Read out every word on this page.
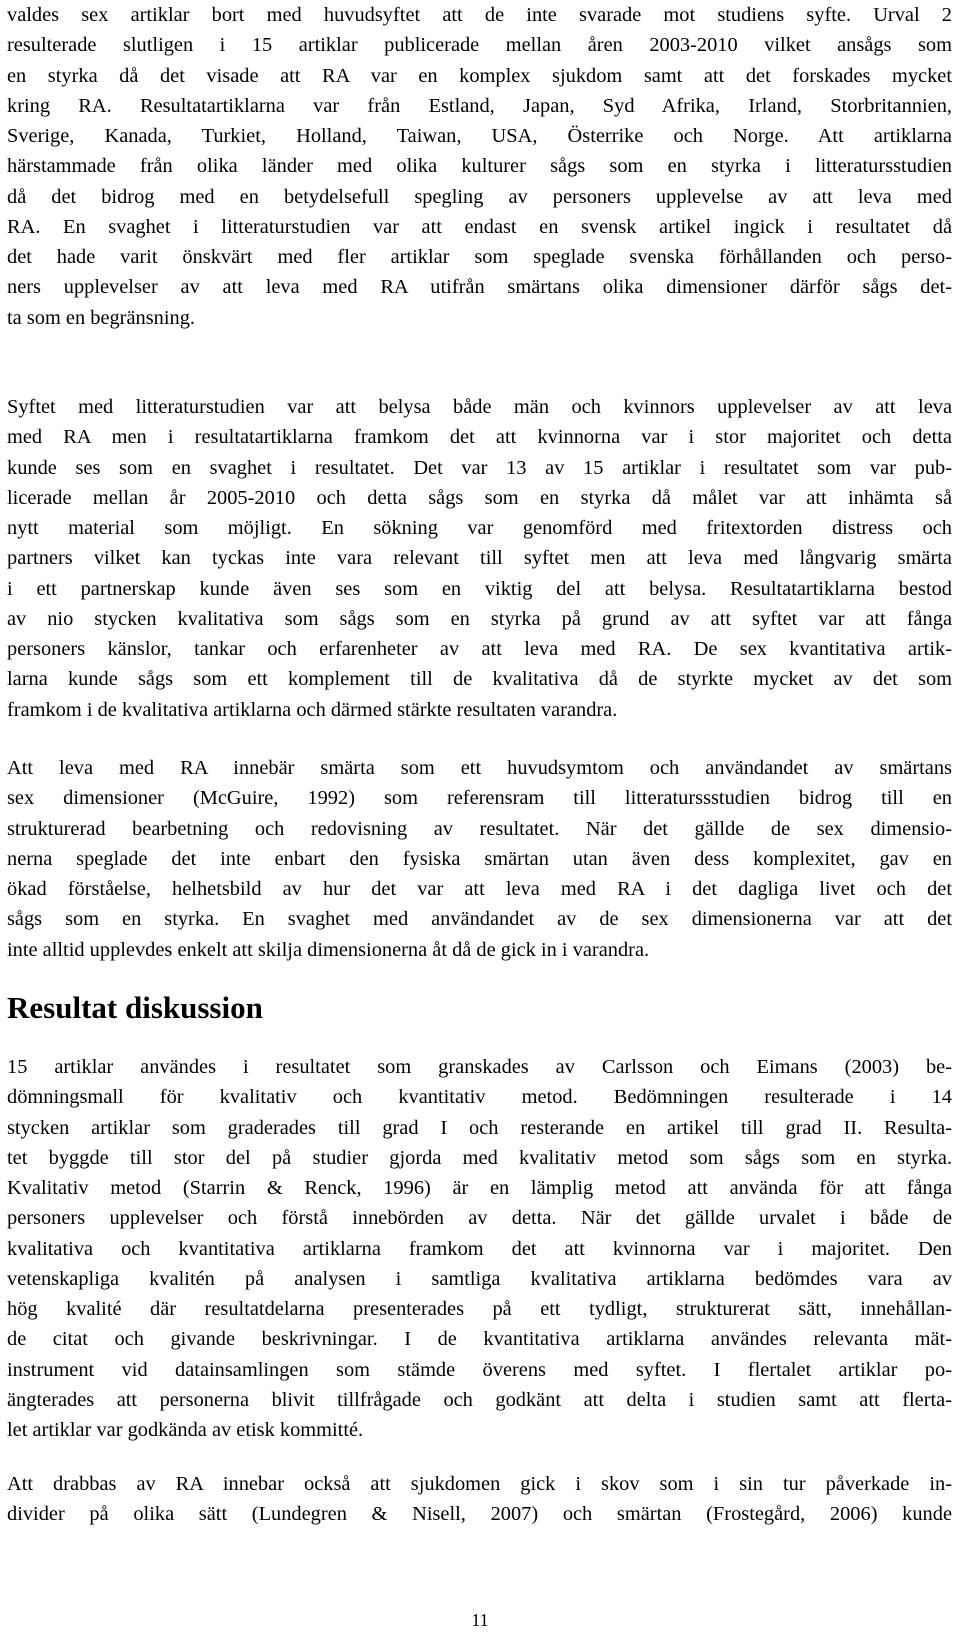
valdes sex artiklar bort med huvudsyftet att de inte svarade mot studiens syfte. Urval 2
resulterade slutligen i 15 artiklar publicerade mellan åren 2003-2010 vilket ansågs som
en styrka då det visade att RA var en komplex sjukdom samt att det forskades mycket
kring RA. Resultatartiklarna var från Estland, Japan, Syd Afrika, Irland, Storbritannien,
Sverige, Kanada, Turkiet, Holland, Taiwan, USA, Österrike och Norge. Att artiklarna
härstammade från olika länder med olika kulturer sågs som en styrka i litteratursstudien
då det bidrog med en betydelsefull spegling av personers upplevelse av att leva med
RA. En svaghet i litteraturstudien var att endast en svensk artikel ingick i resultatet då
det hade varit önskvärt med fler artiklar som speglade svenska förhållanden och perso-
ners upplevelser av att leva med RA utifrån smärtans olika dimensioner därför sågs det-
ta som en begränsning.
Syftet med litteraturstudien var att belysa både män och kvinnors upplevelser av att leva
med RA men i resultatartiklarna framkom det att kvinnorna var i stor majoritet och detta
kunde ses som en svaghet i resultatet. Det var 13 av 15 artiklar i resultatet som var pub-
licerade mellan år 2005-2010 och detta sågs som en styrka då målet var att inhämta så
nytt material som möjligt. En sökning var genomförd med fritextorden distress och
partners vilket kan tyckas inte vara relevant till syftet men att leva med långvarig smärta
i ett partnerskap kunde även ses som en viktig del att belysa. Resultatartiklarna bestod
av nio stycken kvalitativa som sågs som en styrka på grund av att syftet var att fånga
personers känslor, tankar och erfarenheter av att leva med RA. De sex kvantitativa artik-
larna kunde sågs som ett komplement till de kvalitativa då de styrkte mycket av det som
framkom i de kvalitativa artiklarna och därmed stärkte resultaten varandra.
Att leva med RA innebär smärta som ett huvudsymtom och användandet av smärtans
sex dimensioner (McGuire, 1992) som referensram till litteraturssstudien bidrog till en
strukturerad bearbetning och redovisning av resultatet. När det gällde de sex dimensio-
nerna speglade det inte enbart den fysiska smärtan utan även dess komplexitet, gav en
ökad förståelse, helhetsbild av hur det var att leva med RA i det dagliga livet och det
sågs som en styrka. En svaghet med användandet av de sex dimensionerna var att det
inte alltid upplevdes enkelt att skilja dimensionerna åt då de gick in i varandra.
Resultat diskussion
15 artiklar användes i resultatet som granskades av Carlsson och Eimans (2003) be-
dömningsmall för kvalitativ och kvantitativ metod. Bedömningen resulterade i 14
stycken artiklar som graderades till grad I och resterande en artikel till grad II. Resulta-
tet byggde till stor del på studier gjorda med kvalitativ metod som sågs som en styrka.
Kvalitativ metod (Starrin & Renck, 1996) är en lämplig metod att använda för att fånga
personers upplevelser och förstå innebörden av detta. När det gällde urvalet i både de
kvalitativa och kvantitativa artiklarna framkom det att kvinnorna var i majoritet. Den
vetenskapliga kvalitén på analysen i samtliga kvalitativa artiklarna bedömdes vara av
hög kvalité där resultatdelarna presenterades på ett tydligt, strukturerat sätt, innehållan-
de citat och givande beskrivningar. I de kvantitativa artiklarna användes relevanta mät-
instrument vid datainsamlingen som stämde överens med syftet. I flertalet artiklar po-
ängterades att personerna blivit tillfrågade och godkänt att delta i studien samt att flerta-
let artiklar var godkända av etisk kommitté.
Att drabbas av RA innebar också att sjukdomen gick i skov som i sin tur påverkade in-
divider på olika sätt (Lundegren & Nisell, 2007) och smärtan (Frostegård, 2006) kunde
11
